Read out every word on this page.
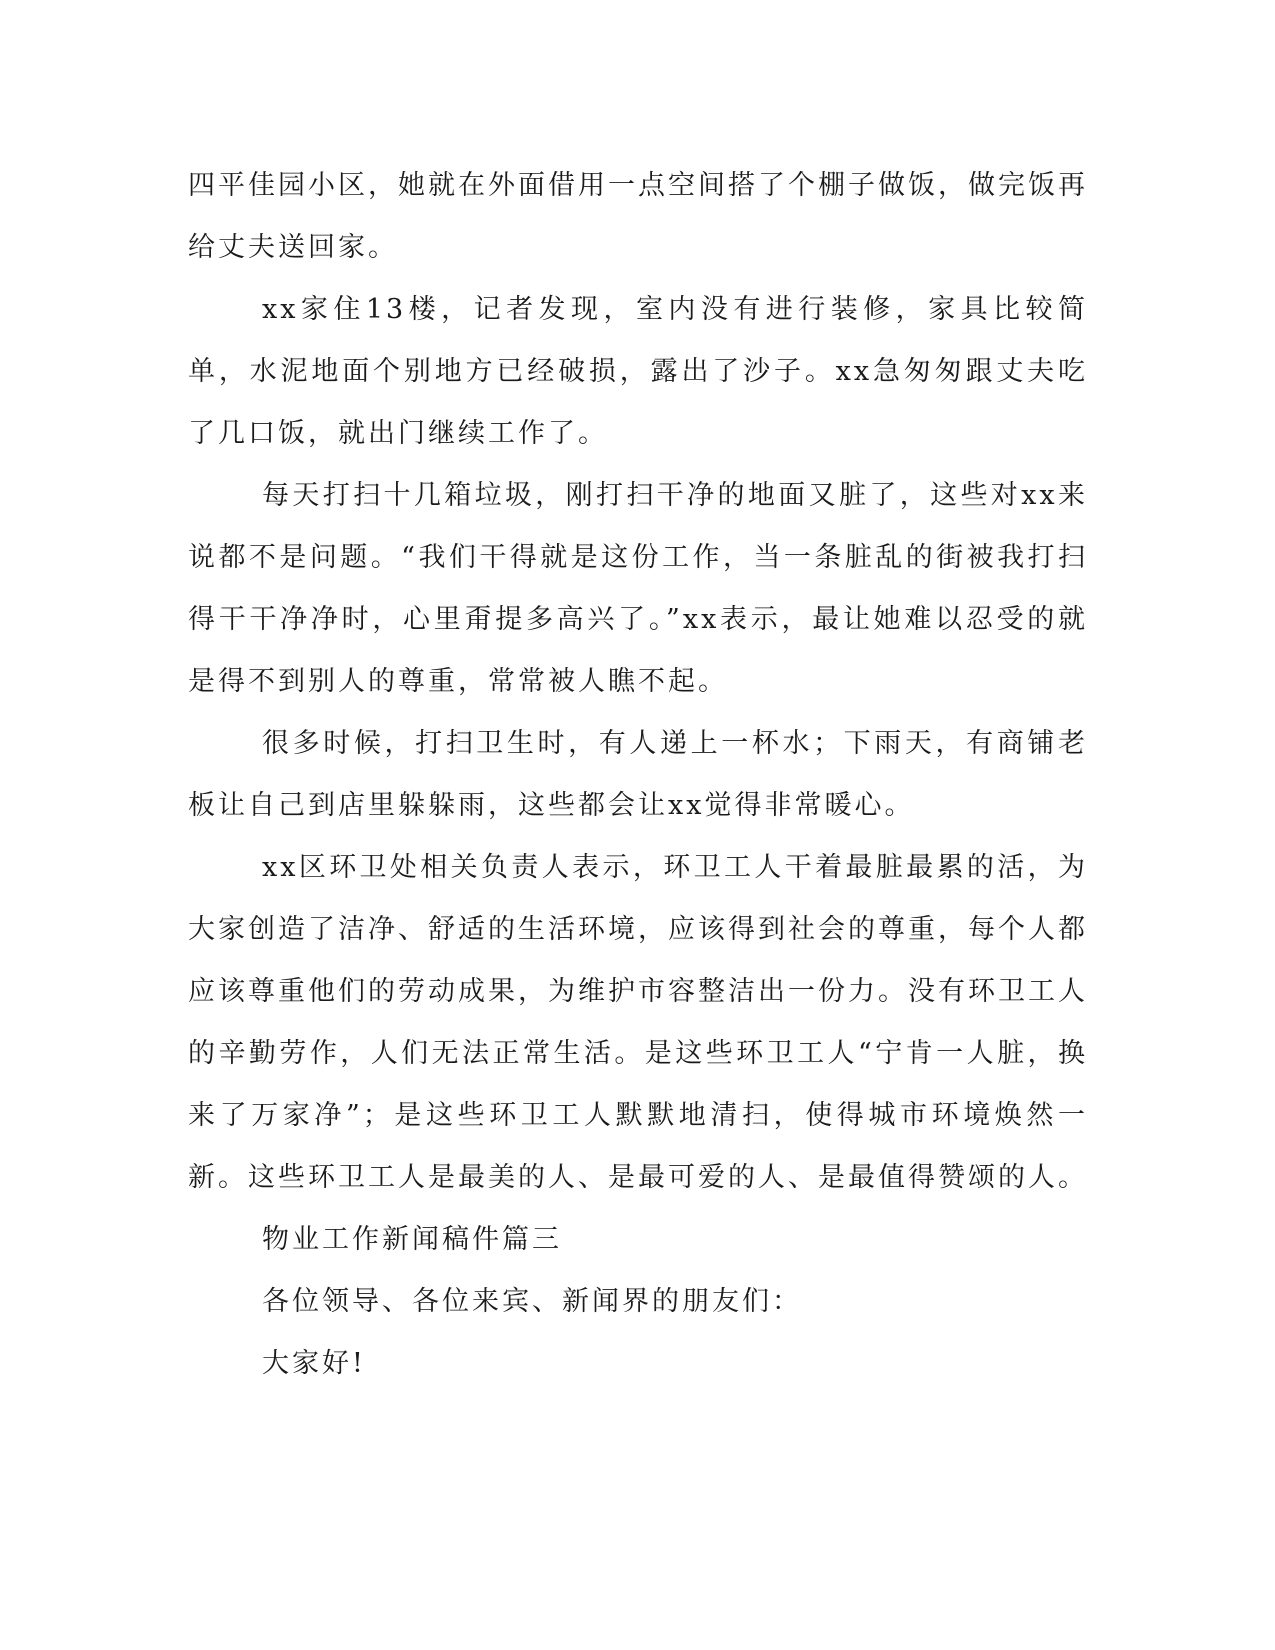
四平佳园小区，她就在外面借用一点空间搭了个棚子做饭，做完饭再给丈夫送回家。

xx家住13楼，记者发现，室内没有进行装修，家具比较简单，水泥地面个别地方已经破损，露出了沙子。xx急匆匆跟丈夫吃了几口饭，就出门继续工作了。

每天打扫十几箱垃圾，刚打扫干净的地面又脏了，这些对xx来说都不是问题。“我们干得就是这份工作，当一条脏乱的街被我打扫得干干净净时，心里甭提多高兴了。”xx表示，最让她难以忍受的就是得不到别人的尊重，常常被人瞧不起。

很多时候，打扫卫生时，有人递上一杯水；下雨天，有商铺老板让自己到店里躲躲雨，这些都会让xx觉得非常暖心。

xx区环卫处相关负责人表示，环卫工人干着最脏最累的活，为大家创造了洁净、舒适的生活环境，应该得到社会的尊重，每个人都应该尊重他们的劳动成果，为维护市容整洁出一份力。没有环卫工人的辛勤劳作，人们无法正常生活。是这些环卫工人“宁肯一人脏，换来了万家净”；是这些环卫工人默默地清扫，使得城市环境焕然一新。这些环卫工人是最美的人、是最可爱的人、是最值得赞颂的人。

物业工作新闻稿件篇三

各位领导、各位来宾、新闻界的朋友们：

大家好!
